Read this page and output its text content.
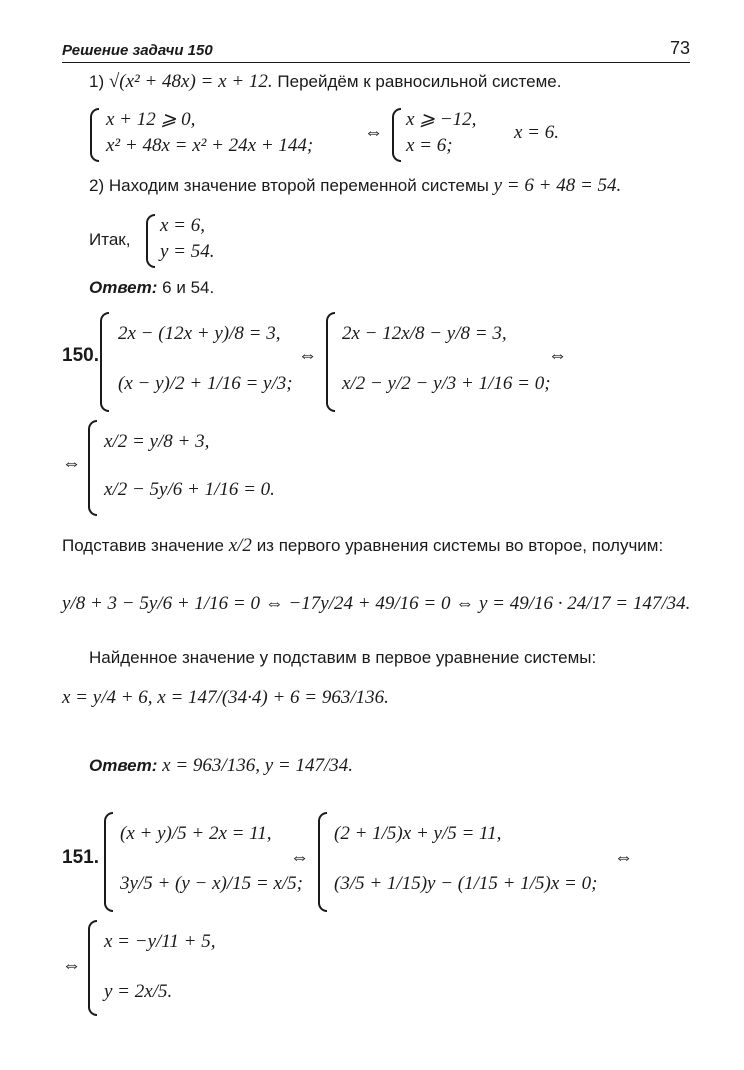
Решение задачи 150	73
1) √(x² + 48x) = x + 12. Перейдём к равносильной системе.
x + 12 ⩾ 0,
x² + 48x = x² + 24x + 144;
⇔
x ⩾ −12,
x = 6;
x = 6.
2) Находим значение второй переменной системы y = 6 + 48 = 54.
Итак,
x = 6,
y = 54.
Ответ: 6 и 54.
150.
2x − (12x + y)/8 = 3,
(x − y)/2 + 1/16 = y/3;
⇔
2x − 12x/8 − y/8 = 3,
x/2 − y/2 − y/3 + 1/16 = 0;
⇔
⇔
x/2 = y/8 + 3,
x/2 − 5y/6 + 1/16 = 0.
Подставив значение x/2 из первого уравнения системы во второе, получим:
y/8 + 3 − 5y/6 + 1/16 = 0 ⇔ −17y/24 + 49/16 = 0 ⇔ y = 49/16 · 24/17 = 147/34.
Найденное значение y подставим в первое уравнение системы:
x = y/4 + 6, x = 147/(34·4) + 6 = 963/136.
Ответ: x = 963/136, y = 147/34.
151.
(x + y)/5 + 2x = 11,
3y/5 + (y − x)/15 = x/5;
⇔
(2 + 1/5)x + y/5 = 11,
(3/5 + 1/15)y − (1/15 + 1/5)x = 0;
⇔
⇔
x = −y/11 + 5,
y = 2x/5.
